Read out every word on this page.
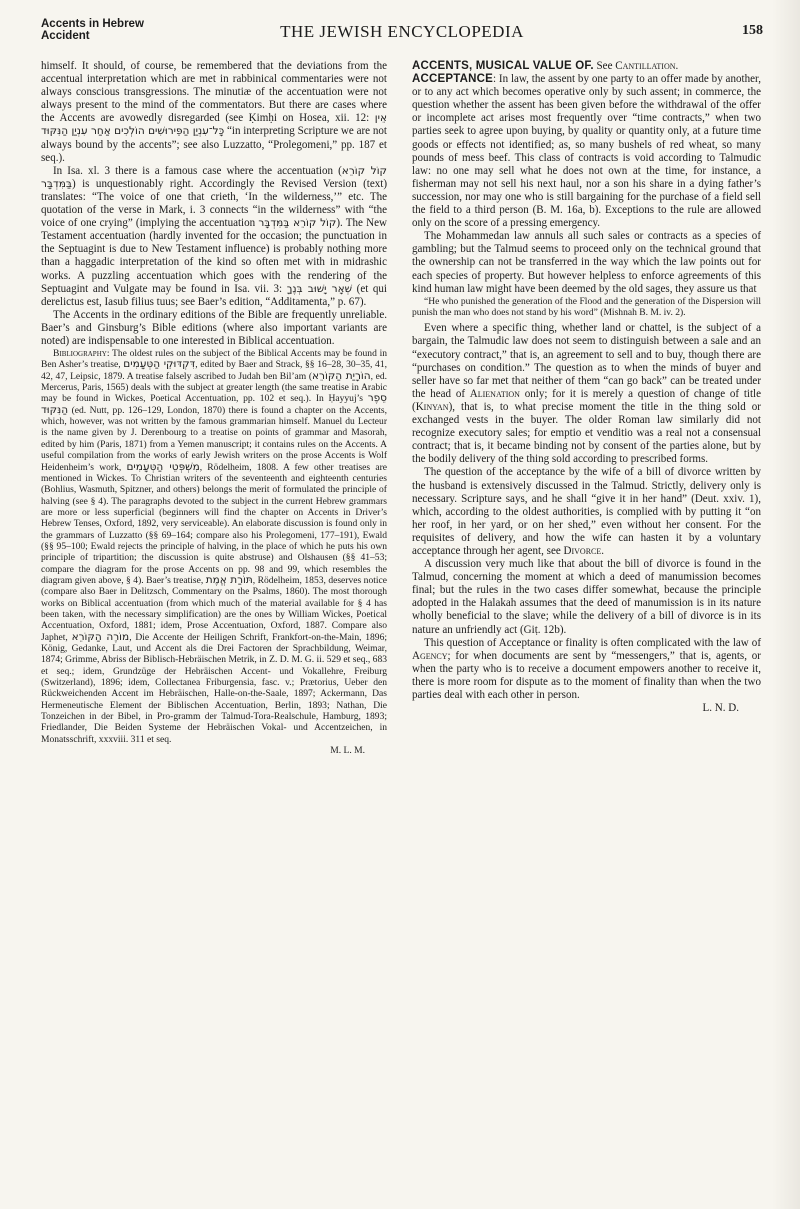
Accents in Hebrew
Accident	THE JEWISH ENCYCLOPEDIA	158

himself. It should, of course, be remembered that the deviations from the accentual interpretation which are met in rabbinical commentaries were not always conscious transgressions. The minutiæ of the accentuation were not always present to the mind of the commentators. But there are cases where the Accents are avowedly disregarded (see Ḳimḥi on Hosea, xii. 12: אֵין כָּל־עִנְיַן הַפֵּירוּשִׁים הוֹלְכִים אַחַר עִנְיַן הַנִּקּוּד “in interpreting Scripture we are not always bound by the accents”; see also Luzzatto, “Prolegomeni,” pp. 187 et seq.).

In Isa. xl. 3 there is a famous case where the accentuation (קוֹל קוֹרֵא בַּמִּדְבָּר) is unquestionably right. Accordingly the Revised Version (text) translates: “The voice of one that crieth, ‘In the wilderness,’” etc. The quotation of the verse in Mark, i. 3 connects “in the wilderness” with “the voice of one crying” (implying the accentuation קוֹל קוֹרֵא בַּמִּדְבָּר). The New Testament accentuation (hardly invented for the occasion; the punctuation in the Septuagint is due to New Testament influence) is probably nothing more than a haggadic interpretation of the kind so often met with in midrashic works. A puzzling accentuation which goes with the rendering of the Septuagint and Vulgate may be found in Isa. vii. 3: שְׁאָר יָשׁוּב בְּנֶךָ (et qui derelictus est, Iasub filius tuus; see Baer’s edition, “Additamenta,” p. 67).

The Accents in the ordinary editions of the Bible are frequently unreliable. Baer’s and Ginsburg’s Bible editions (where also important variants are noted) are indispensable to one interested in Biblical accentuation.

Bibliography: The oldest rules on the subject of the Biblical Accents may be found in Ben Asher’s treatise, דִּקְדּוּקֵי הַטְּעָמִים, edited by Baer and Strack, §§ 16–28, 30–35, 41, 42, 47, Leipsic, 1879. A treatise falsely ascribed to Judah ben Bil’am (הוֹרָיַת הַקּוֹרֵא, ed. Mercerus, Paris, 1565) deals with the subject at greater length (the same treatise in Arabic may be found in Wickes, Poetical Accentuation, pp. 102 et seq.). In Ḥayyuj’s סֵפֶר הַנִּקּוּד (ed. Nutt, pp. 126–129, London, 1870) there is found a chapter on the Accents, which, however, was not written by the famous grammarian himself. Manuel du Lecteur is the name given by J. Derenbourg to a treatise on points of grammar and Masorah, edited by him (Paris, 1871) from a Yemen manuscript; it contains rules on the Accents. A useful compilation from the works of early Jewish writers on the prose Accents is Wolf Heidenheim’s work, מִשְׁפְּטֵי הַטְּעָמִים, Rödelheim, 1808. A few other treatises are mentioned in Wickes. To Christian writers of the seventeenth and eighteenth centuries (Bohlius, Wasmuth, Spitzner, and others) belongs the merit of formulated the principle of halving (see § 4). The paragraphs devoted to the subject in the current Hebrew grammars are more or less superficial (beginners will find the chapter on Accents in Driver’s Hebrew Tenses, Oxford, 1892, very serviceable). An elaborate discussion is found only in the grammars of Luzzatto (§§ 69–164; compare also his Prolegomeni, 177–191), Ewald (§§ 95–100; Ewald rejects the principle of halving, in the place of which he puts his own principle of tripartition; the discussion is quite abstruse) and Olshausen (§§ 41–53; compare the diagram for the prose Accents on pp. 98 and 99, which resembles the diagram given above, § 4). Baer’s treatise, תּוֹרַת אֱמֶת, Rödelheim, 1853, deserves notice (compare also Baer in Delitzsch, Commentary on the Psalms, 1860). The most thorough works on Biblical accentuation (from which much of the material available for § 4 has been taken, with the necessary simplification) are the ones by William Wickes, Poetical Accentuation, Oxford, 1881; idem, Prose Accentuation, Oxford, 1887. Compare also Japhet, מוֹרֶה הַקּוֹרֵא, Die Accente der Heiligen Schrift, Frankfort-on-the-Main, 1896; König, Gedanke, Laut, und Accent als die Drei Factoren der Sprachbildung, Weimar, 1874; Grimme, Abriss der Biblisch-Hebräischen Metrik, in Z. D. M. G. ii. 529 et seq., 683 et seq.; idem, Grundzüge der Hebräischen Accent- und Vokallehre, Freiburg (Switzerland), 1896; idem, Collectanea Friburgensia, fasc. v.; Prætorius, Ueber den Rückweichenden Accent im Hebräischen, Halle-on-the-Saale, 1897; Ackermann, Das Hermeneutische Element der Biblischen Accentuation, Berlin, 1893; Nathan, Die Tonzeichen in der Bibel, in Pro-gramm der Talmud-Tora-Realschule, Hamburg, 1893; Friedlander, Die Beiden Systeme der Hebräischen Vokal- und Accentzeichen, in Monatsschrift, xxxviii. 311 et seq.

M. L. M.

ACCENTS, MUSICAL VALUE OF. See Cantillation.

ACCEPTANCE: In law, the assent by one party to an offer made by another, or to any act which becomes operative only by such assent; in commerce, the question whether the assent has been given before the withdrawal of the offer or incomplete act arises most frequently over “time contracts,” when two parties seek to agree upon buying, by quality or quantity only, at a future time goods or effects not identified; as, so many bushels of red wheat, so many pounds of mess beef. This class of contracts is void according to Talmudic law: no one may sell what he does not own at the time, for instance, a fisherman may not sell his next haul, nor a son his share in a dying father’s succession, nor may one who is still bargaining for the purchase of a field sell the field to a third person (B. M. 16a, b). Exceptions to the rule are allowed only on the score of a pressing emergency.

The Mohammedan law annuls all such sales or contracts as a species of gambling; but the Talmud seems to proceed only on the technical ground that the ownership can not be transferred in the way which the law points out for each species of property. But however helpless to enforce agreements of this kind human law might have been deemed by the old sages, they assure us that

“He who punished the generation of the Flood and the generation of the Dispersion will punish the man who does not stand by his word” (Mishnah B. M. iv. 2).

Even where a specific thing, whether land or chattel, is the subject of a bargain, the Talmudic law does not seem to distinguish between a sale and an “executory contract,” that is, an agreement to sell and to buy, though there are “purchases on condition.” The question as to when the minds of buyer and seller have so far met that neither of them “can go back” can be treated under the head of Alienation only; for it is merely a question of change of title (Kinyan), that is, to what precise moment the title in the thing sold or exchanged vests in the buyer. The older Roman law similarly did not recognize executory sales; for emptio et venditio was a real not a consensual contract; that is, it became binding not by consent of the parties alone, but by the bodily delivery of the thing sold according to prescribed forms.

The question of the acceptance by the wife of a bill of divorce written by the husband is extensively discussed in the Talmud. Strictly, delivery only is necessary. Scripture says, and he shall “give it in her hand” (Deut. xxiv. 1), which, according to the oldest authorities, is complied with by putting it “on her roof, in her yard, or on her shed,” even without her consent. For the requisites of delivery, and how the wife can hasten it by a voluntary acceptance through her agent, see Divorce.

A discussion very much like that about the bill of divorce is found in the Talmud, concerning the moment at which a deed of manumission becomes final; but the rules in the two cases differ somewhat, because the principle adopted in the Halakah assumes that the deed of manumission is in its nature wholly beneficial to the slave; while the delivery of a bill of divorce is in its nature an unfriendly act (Giṭ. 12b).

This question of Acceptance or finality is often complicated with the law of Agency; for when documents are sent by “messengers,” that is, agents, or when the party who is to receive a document empowers another to receive it, there is more room for dispute as to the moment of finality than when the two parties deal with each other in person.

L. N. D.
